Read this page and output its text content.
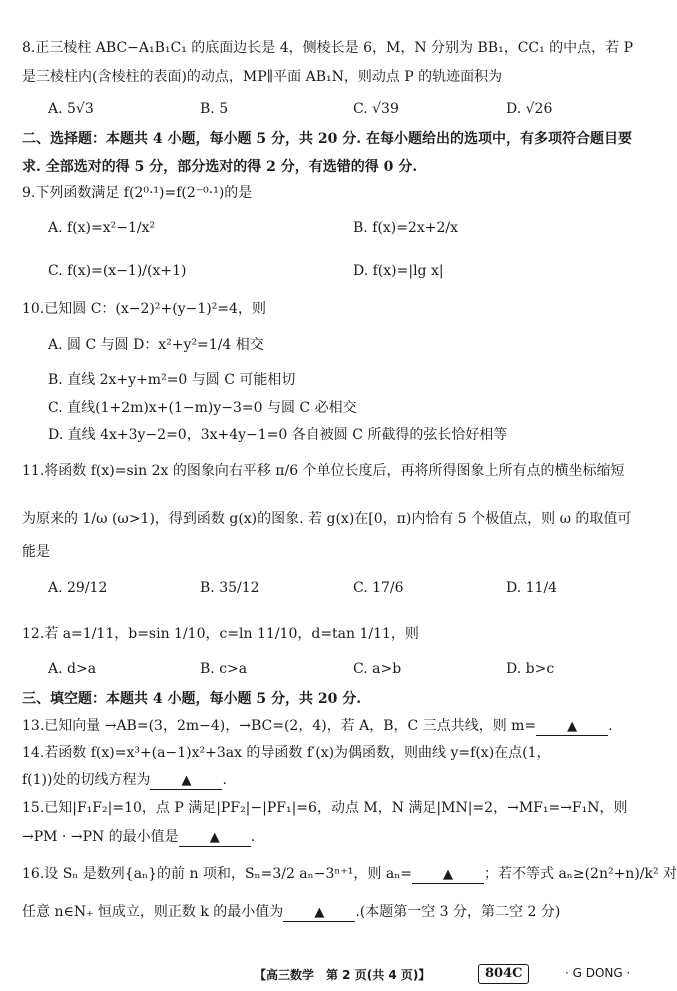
8.正三棱柱 ABC−A₁B₁C₁ 的底面边长是 4，侧棱长是 6，M，N 分别为 BB₁，CC₁ 的中点，若 P
是三棱柱内(含棱柱的表面)的动点，MP∥平面 AB₁N，则动点 P 的轨迹面积为
A. 5√3	B. 5	C. √39	D. √26
二、选择题：本题共 4 小题，每小题 5 分，共 20 分. 在每小题给出的选项中，有多项符合题目要
求. 全部选对的得 5 分，部分选对的得 2 分，有选错的得 0 分.
9.下列函数满足 f(2⁰·¹)=f(2⁻⁰·¹)的是
A. f(x)=x²−1/x²	B. f(x)=2x+2/x
C. f(x)=(x−1)/(x+1)	D. f(x)=|lg x|
10.已知圆 C：(x−2)²+(y−1)²=4，则
A. 圆 C 与圆 D：x²+y²=1/4 相交
B. 直线 2x+y+m²=0 与圆 C 可能相切
C. 直线(1+2m)x+(1−m)y−3=0 与圆 C 必相交
D. 直线 4x+3y−2=0，3x+4y−1=0 各自被圆 C 所截得的弦长恰好相等
11.将函数 f(x)=sin 2x 的图象向右平移 π/6 个单位长度后，再将所得图象上所有点的横坐标缩短
为原来的 1/ω (ω>1)，得到函数 g(x)的图象. 若 g(x)在[0，π)内恰有 5 个极值点，则 ω 的取值可
能是
A. 29/12	B. 35/12	C. 17/6	D. 11/4
12.若 a=1/11，b=sin 1/10，c=ln 11/10，d=tan 1/11，则
A. d>a	B. c>a	C. a>b	D. b>c
三、填空题：本题共 4 小题，每小题 5 分，共 20 分.
13.已知向量 →AB=(3，2m−4)，→BC=(2，4)，若 A，B，C 三点共线，则 m= ▲ .
14.若函数 f(x)=x³+(a−1)x²+3ax 的导函数 f′(x)为偶函数，则曲线 y=f(x)在点(1，
f(1))处的切线方程为 ▲ .
15.已知|F₁F₂|=10，点 P 满足|PF₂|−|PF₁|=6，动点 M，N 满足|MN|=2，→MF₁=→F₁N，则
→PM · →PN 的最小值是 ▲ .
16.设 Sₙ 是数列{aₙ}的前 n 项和，Sₙ=3/2 aₙ−3ⁿ⁺¹，则 aₙ= ▲ ；若不等式 aₙ≥(2n²+n)/k² 对
任意 n∈N₊ 恒成立，则正数 k 的最小值为 ▲ .(本题第一空 3 分，第二空 2 分)
【高三数学　第 2 页(共 4 页)】	804C	· G DONG ·
